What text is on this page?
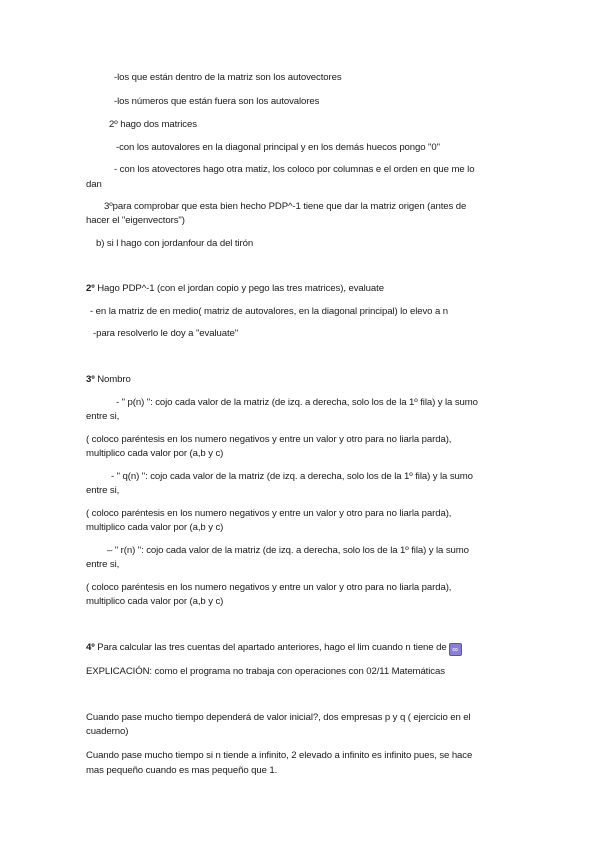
-los que están dentro de la matriz son los autovectores
-los números que están fuera son los autovalores
2º hago dos matrices
-con los autovalores en la diagonal principal y en los demás huecos pongo "0"
- con los atovectores hago otra matiz, los coloco por columnas e el orden en que me lo
dan
3ºpara comprobar que esta bien hecho PDP^-1 tiene que dar la matriz origen (antes de
hacer el "eigenvectors")
b) si l hago con jordanfour da del tirón
2º Hago PDP^-1 (con el jordan copio y pego las tres matrices), evaluate
- en la matriz de en medio( matriz de autovalores, en la diagonal principal) lo elevo a n
-para resolverlo le doy a "evaluate"
3º Nombro
- " p(n) ": cojo cada valor de la matriz (de izq. a derecha, solo los de la 1º fila) y la sumo
entre si,
( coloco paréntesis en los numero negativos y entre un valor y otro para no liarla parda),
multiplico cada valor por (a,b y c)
- " q(n) ": cojo cada valor de la matriz (de izq. a derecha, solo los de la 1º fila) y la sumo
entre si,
( coloco paréntesis en los numero negativos y entre un valor y otro para no liarla parda),
multiplico cada valor por (a,b y c)
– " r(n) ": cojo cada valor de la matriz (de izq. a derecha, solo los de la 1º fila) y la sumo
entre si,
( coloco paréntesis en los numero negativos y entre un valor y otro para no liarla parda),
multiplico cada valor por (a,b y c)
4º Para calcular las tres cuentas del apartado anteriores, hago el lim cuando n tiene de ∞
EXPLICACIÓN: como el programa no trabaja con operaciones con 02/11 Matemáticas
Cuando pase mucho tiempo dependerá de valor inicial?, dos empresas p y q ( ejercicio en el
cuaderno)
Cuando pase mucho tiempo si n tiende a infinito, 2 elevado a infinito es infinito pues, se hace
mas pequeño cuando es mas pequeño que 1.
